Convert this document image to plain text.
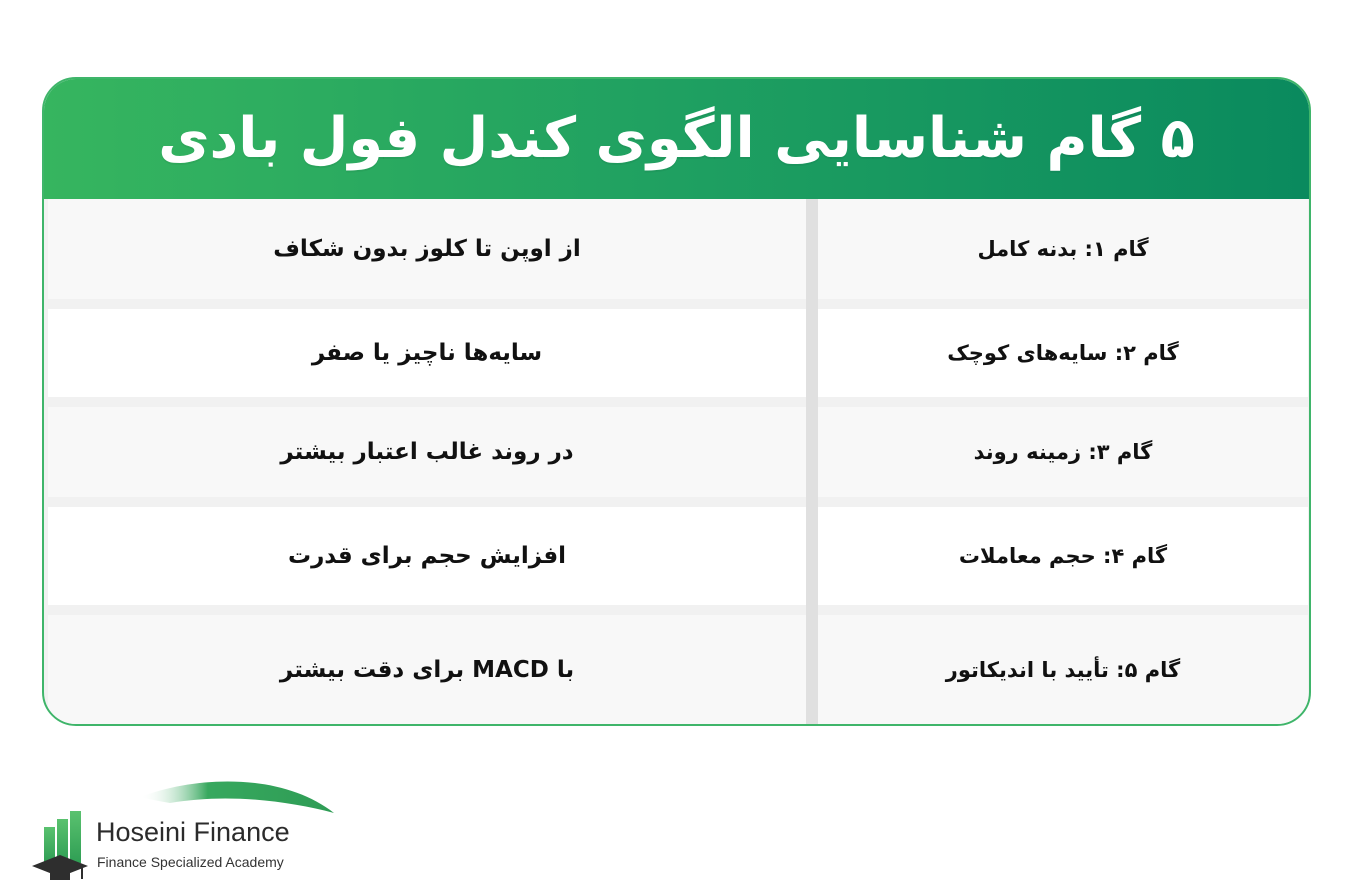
۵ گام شناسایی الگوی کندل فول بادی
از اوپن تا کلوز بدون شکاف	گام ۱: بدنه کامل
سایه‌ها ناچیز یا صفر	گام ۲: سایه‌های کوچک
در روند غالب اعتبار بیشتر	گام ۳: زمینه روند
افزایش حجم برای قدرت	گام ۴: حجم معاملات
با MACD برای دقت بیشتر	گام ۵: تأیید با اندیکاتور
Hoseini Finance
Finance Specialized Academy
